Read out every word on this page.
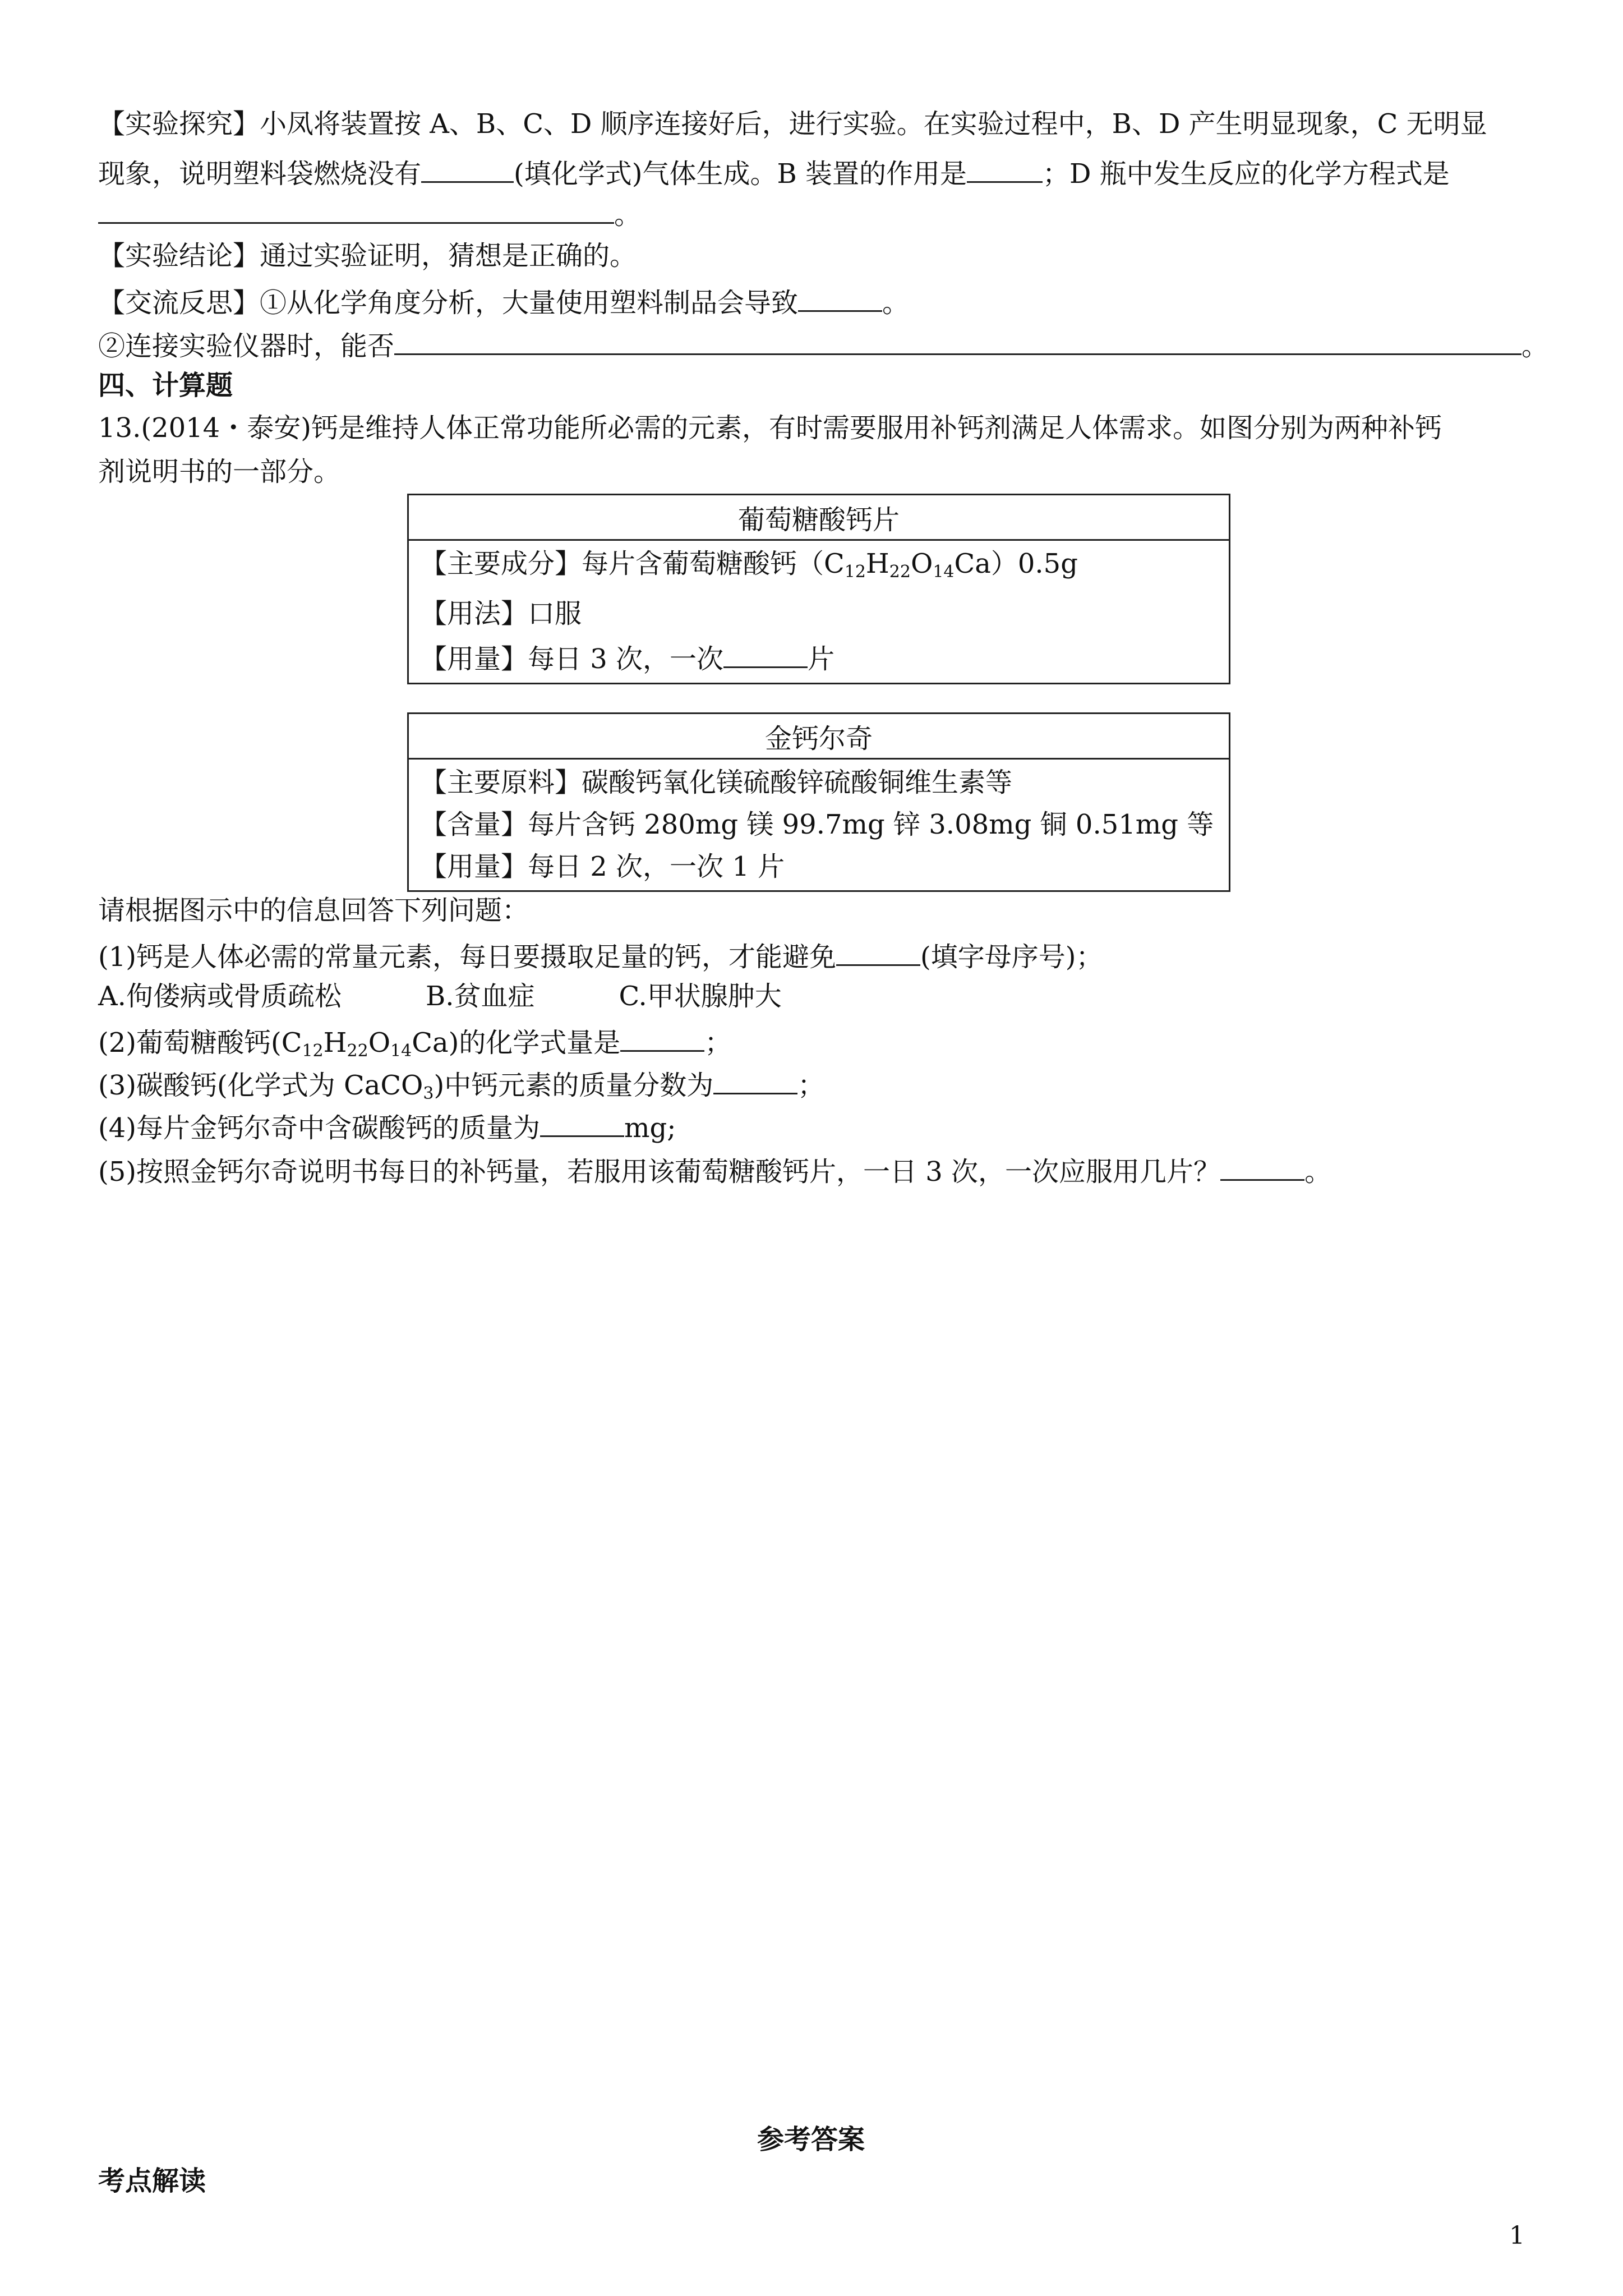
【实验探究】小凤将装置按 A、B、C、D 顺序连接好后，进行实验。在实验过程中，B、D 产生明显现象，C 无明显
现象，说明塑料袋燃烧没有	(填化学式)气体生成。B 装置的作用是	；D 瓶中发生反应的化学方程式是
。
【实验结论】通过实验证明，猜想是正确的。
【交流反思】①从化学角度分析，大量使用塑料制品会导致	。
②连接实验仪器时，能否	。
四、计算题
13.(2014・泰安)钙是维持人体正常功能所必需的元素，有时需要服用补钙剂满足人体需求。如图分别为两种补钙
剂说明书的一部分。
葡萄糖酸钙片

【主要成分】每片含葡萄糖酸钙$(C_{12}H_{22}O_{14}Ca)0.5g$
【用法】口服
【用量】每日 3 次，一次	片
金钙尔奇

【主要原料】碳酸钙氧化镁硫酸锌硫酸铜维生素等
【含量】每片含钙 280mg 镁 99.7mg 锌 3.08mg 铜 0.51mg 等
【用量】每日 2 次，一次 1 片
请根据图示中的信息回答下列问题：
(1)钙是人体必需的常量元素，每日要摄取足量的钙，才能避免	(填字母序号)；
A.佝偻病或骨质疏松	B.贫血症	C.甲状腺肿大
(2)葡萄糖酸钙$(C_{12}H_{22}O_{14}Ca)$的化学式量是	；
(3)碳酸钙(化学式为 CaCO$_3$)中钙元素的质量分数为	；
(4)每片金钙尔奇中含碳酸钙的质量为	mg;
(5)按照金钙尔奇说明书每日的补钙量，若服用该葡萄糖酸钙片，一日 3 次，一次应服用几片？	。
参考答案
考点解读
1
